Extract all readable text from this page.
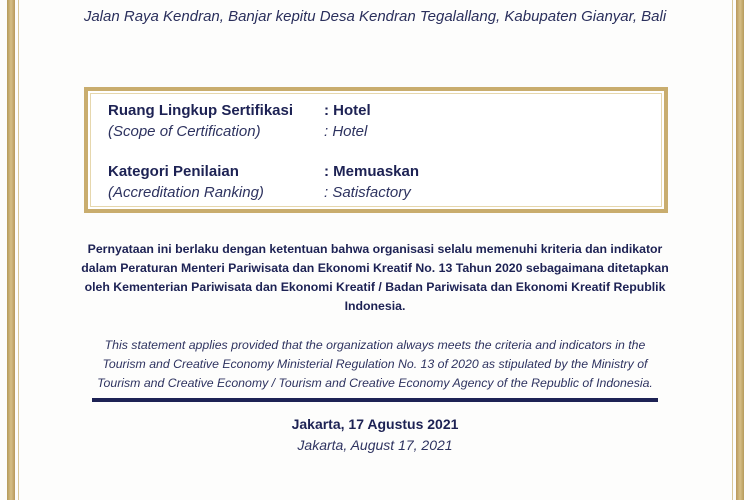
Jalan Raya Kendran, Banjar kepitu Desa Kendran Tegalallang, Kabupaten Gianyar, Bali
Ruang Lingkup Sertifikasi : Hotel
(Scope of Certification)	: Hotel
Kategori Penilaian	: Memuaskan
(Accreditation Ranking)	: Satisfactory
Pernyataan ini berlaku dengan ketentuan bahwa organisasi selalu memenuhi kriteria dan indikator
dalam Peraturan Menteri Pariwisata dan Ekonomi Kreatif No. 13 Tahun 2020 sebagaimana ditetapkan
oleh Kementerian Pariwisata dan Ekonomi Kreatif / Badan Pariwisata dan Ekonomi Kreatif Republik
Indonesia.
This statement applies provided that the organization always meets the criteria and indicators in the
Tourism and Creative Economy Ministerial Regulation No. 13 of 2020 as stipulated by the Ministry of
Tourism and Creative Economy / Tourism and Creative Economy Agency of the Republic of Indonesia.
Jakarta, 17 Agustus 2021
Jakarta, August 17, 2021
